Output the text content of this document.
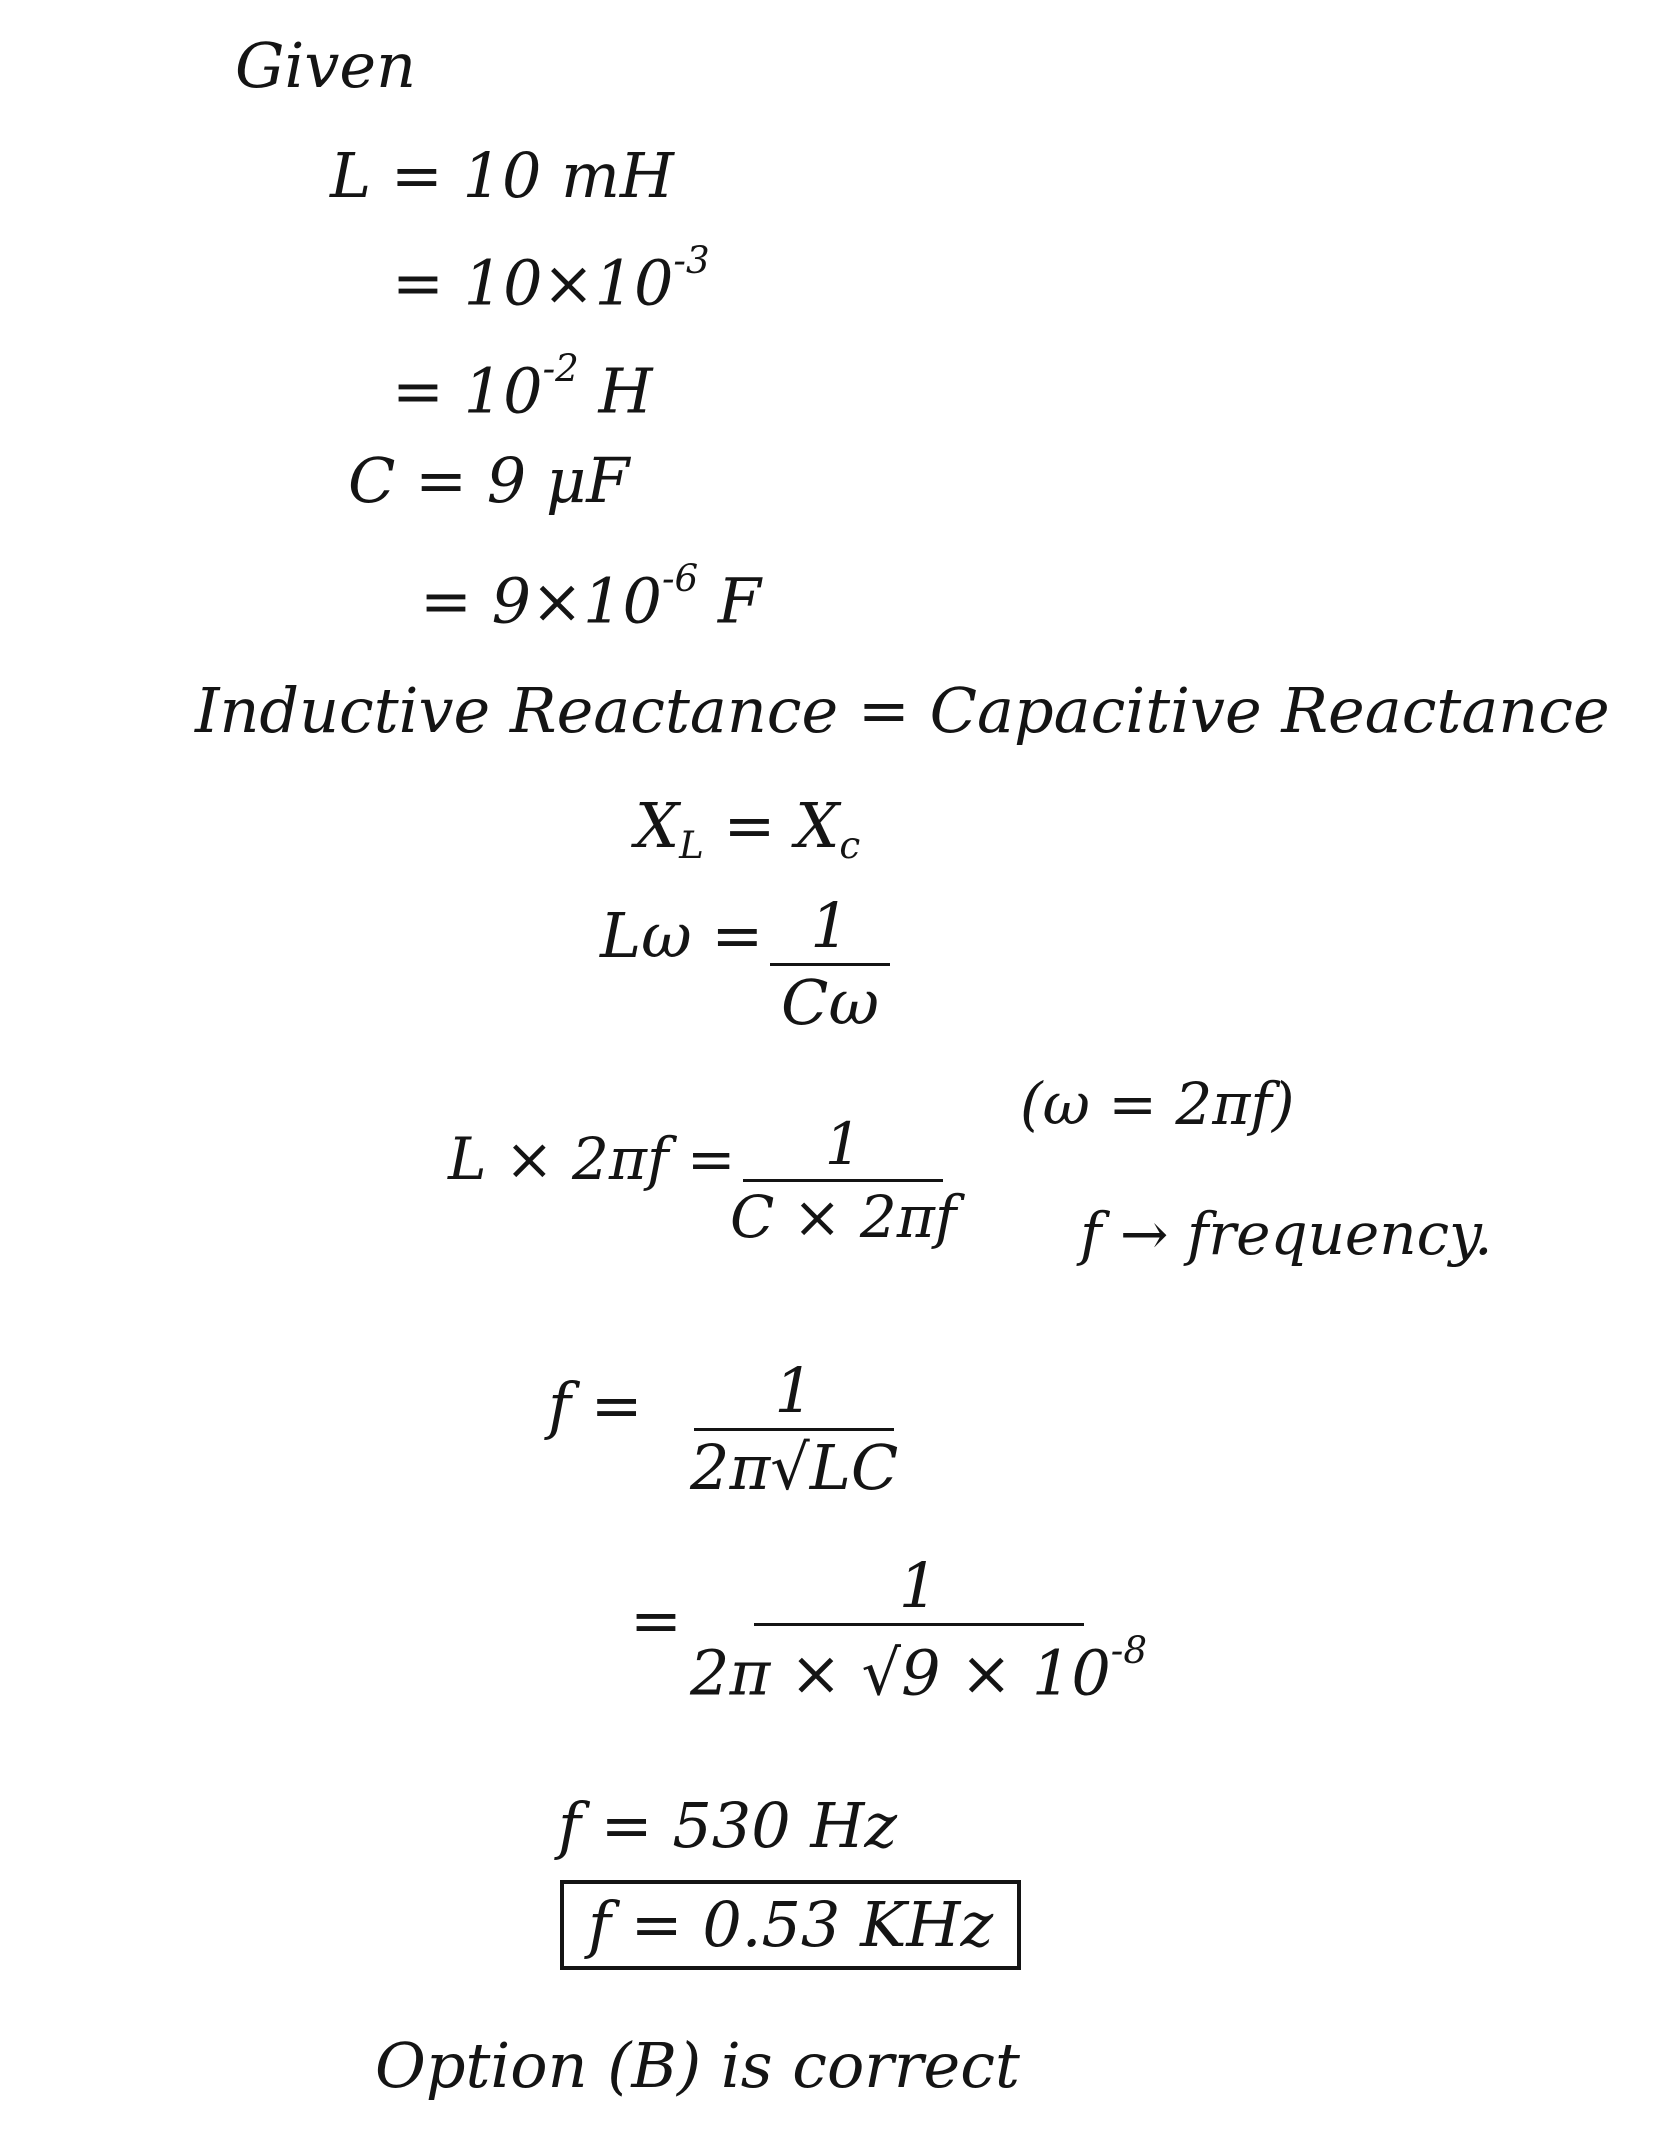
Given
L = 10 mH
= $10\times 10^{-3}$
= $10^{-2}$ H
C = 9 μF
= $9\times 10^{-6}$ F
Inductive Reactance = Capacitive Reactance
$X_L = X_c$
Lω = 1
Cω
L × 2πf = 1
C × 2πf
(ω = 2πf)
f → frequency.
f = 1
2π√LC
=	1
$2\pi \times √9 \times 10^{-8}$
f = 530 Hz
f = 0.53 KHz
Option (B) is correct
